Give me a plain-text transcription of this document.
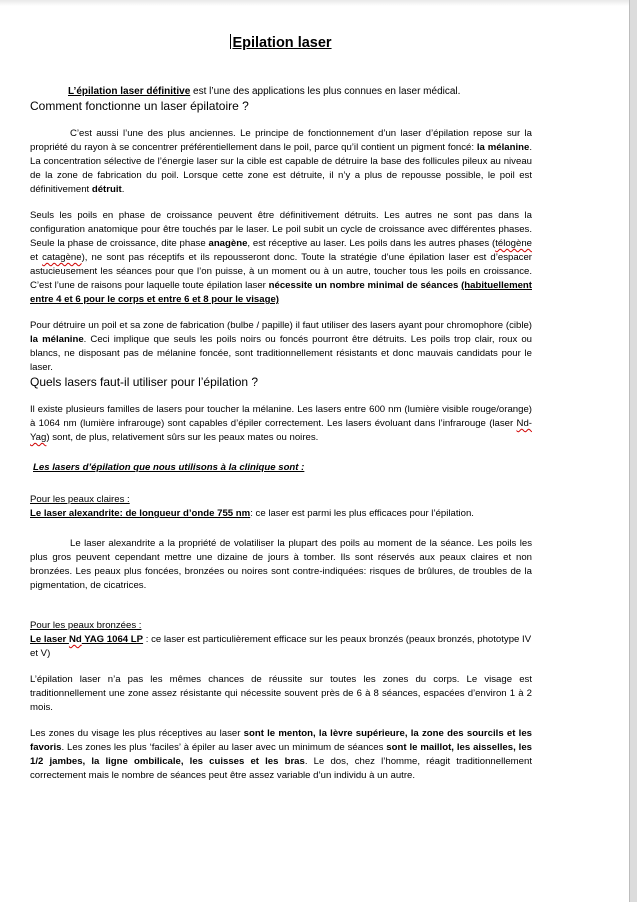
Epilation laser

L’épilation laser définitive est l’une des applications les plus connues en laser médical.

Comment fonctionne un laser épilatoire ?

C’est aussi l’une des plus anciennes. Le principe de fonctionnement d’un laser d’épilation repose sur la propriété du rayon à se concentrer préférentiellement dans le poil, parce qu’il contient un pigment foncé: la mélanine. La concentration sélective de l’énergie laser sur la cible est capable de détruire la base des follicules pileux au niveau de la zone de fabrication du poil. Lorsque cette zone est détruite, il n’y a plus de repousse possible, le poil est définitivement détruit.

Seuls les poils en phase de croissance peuvent être définitivement détruits. Les autres ne sont pas dans la configuration anatomique pour être touchés par le laser. Le poil subit un cycle de croissance avec différentes phases. Seule la phase de croissance, dite phase anagène, est réceptive au laser. Les poils dans les autres phases (télogène et catagène), ne sont pas réceptifs et ils repousseront donc. Toute la stratégie d’une épilation laser est d’espacer astucieusement les séances pour que l’on puisse, à un moment ou à un autre, toucher tous les poils en croissance. C’est l’une de raisons pour laquelle toute épilation laser nécessite un nombre minimal de séances (habituellement entre 4 et 6 pour le corps et entre 6 et 8 pour le visage)

Pour détruire un poil et sa zone de fabrication (bulbe / papille) il faut utiliser des lasers ayant pour chromophore (cible) la mélanine. Ceci implique que seuls les poils noirs ou foncés pourront être détruits. Les poils trop clair, roux ou blancs, ne disposant pas de mélanine foncée, sont traditionnellement résistants et donc mauvais candidats pour le laser.

Quels lasers faut-il utiliser pour l’épilation ?

Il existe plusieurs familles de lasers pour toucher la mélanine. Les lasers entre 600 nm (lumière visible rouge/orange) à 1064 nm (lumière infrarouge) sont capables d’épiler correctement. Les lasers évoluant dans l’infrarouge (laser Nd-Yag) sont, de plus, relativement sûrs sur les peaux mates ou noires.

Les lasers d’épilation que nous utilisons à la clinique sont :

Pour les peaux claires :

Le laser alexandrite: de longueur d’onde 755 nm: ce laser est parmi les plus efficaces pour l’épilation.

Le laser alexandrite a la propriété de volatiliser la plupart des poils au moment de la séance. Les poils les plus gros peuvent cependant mettre une dizaine de jours à tomber. Ils sont réservés aux peaux claires et non bronzées. Les peaux plus foncées, bronzées ou noires sont contre-indiquées: risques de brûlures, de troubles de la pigmentation, de cicatrices.

Pour les peaux bronzées :

Le laser Nd YAG 1064 LP : ce laser est particulièrement efficace sur les peaux bronzés (peaux bronzés, phototype IV et V)

L’épilation laser n’a pas les mêmes chances de réussite sur toutes les zones du corps. Le visage est traditionnellement une zone assez résistante qui nécessite souvent près de 6 à 8 séances, espacées d’environ 1 à 2 mois.

Les zones du visage les plus réceptives au laser sont le menton, la lèvre supérieure, la zone des sourcils et les favoris. Les zones les plus ‘faciles’ à épiler au laser avec un minimum de séances sont le maillot, les aisselles, les 1/2 jambes, la ligne ombilicale, les cuisses et les bras. Le dos, chez l’homme, réagit traditionnellement correctement mais le nombre de séances peut être assez variable d’un individu à un autre.
